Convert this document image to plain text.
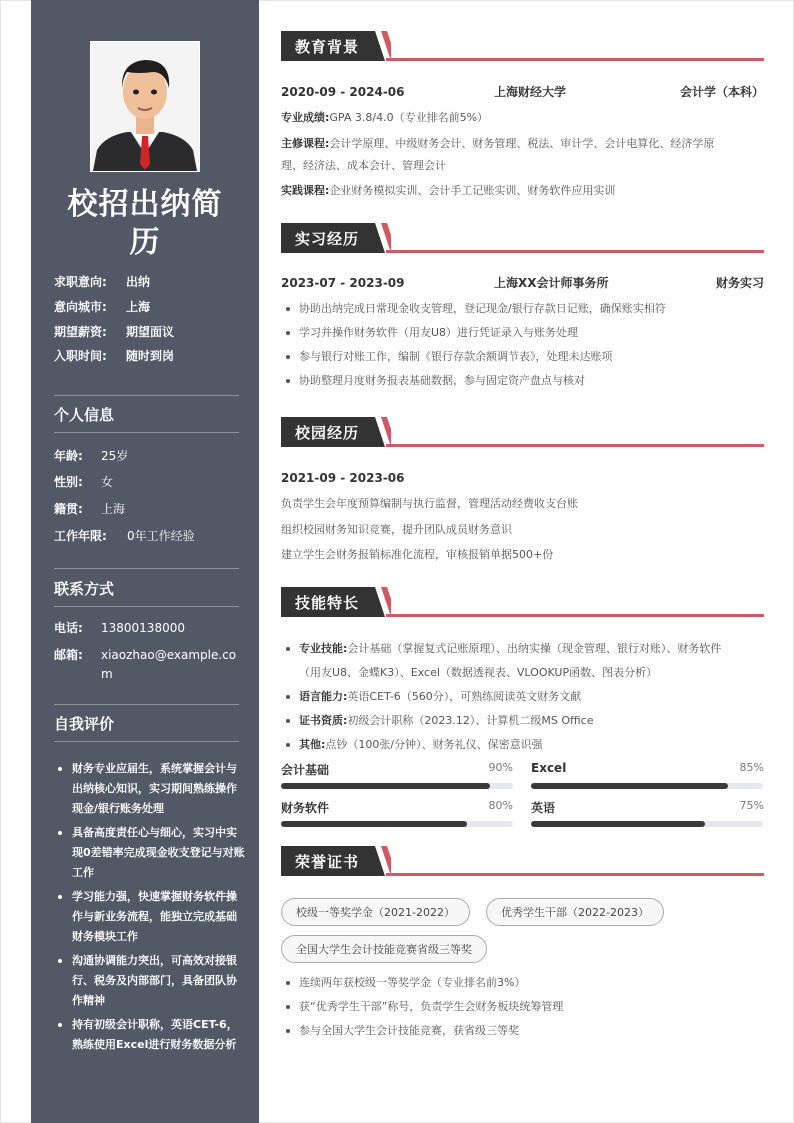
校招出纳简
历
求职意向: 出纳
意向城市: 上海
期望薪资: 期望面议
入职时间: 随时到岗
个人信息
年龄: 25岁
性别: 女
籍贯: 上海
工作年限: 0年工作经验
联系方式
电话: 13800138000
邮箱: xiaozhao@example.co
m
自我评价
财务专业应届生，系统掌握会计与出纳核心知识，实习期间熟练操作现金/银行账务处理
具备高度责任心与细心，实习中实现0差错率完成现金收支登记与对账工作
学习能力强，快速掌握财务软件操作与新业务流程，能独立完成基础财务模块工作
沟通协调能力突出，可高效对接银行、税务及内部部门，具备团队协作精神
持有初级会计职称，英语CET-6，熟练使用Excel进行财务数据分析
教育背景
2020-09 - 2024-06	上海财经大学	会计学（本科）
专业成绩:GPA 3.8/4.0（专业排名前5%）
主修课程:会计学原理、中级财务会计、财务管理、税法、审计学、会计电算化、经济学原
理、经济法、成本会计、管理会计
实践课程:企业财务模拟实训、会计手工记账实训、财务软件应用实训
实习经历
2023-07 - 2023-09	上海XX会计师事务所	财务实习
协助出纳完成日常现金收支管理，登记现金/银行存款日记账，确保账实相符
学习并操作财务软件（用友U8）进行凭证录入与账务处理
参与银行对账工作，编制《银行存款余额调节表》，处理未达账项
协助整理月度财务报表基础数据，参与固定资产盘点与核对
校园经历
2021-09 - 2023-06
负责学生会年度预算编制与执行监督，管理活动经费收支台账
组织校园财务知识竞赛，提升团队成员财务意识
建立学生会财务报销标准化流程，审核报销单据500+份
技能特长
专业技能:会计基础（掌握复式记账原理）、出纳实操（现金管理、银行对账）、财务软件
（用友U8、金蝶K3）、Excel（数据透视表、VLOOKUP函数、图表分析）
语言能力:英语CET-6（560分），可熟练阅读英文财务文献
证书资质:初级会计职称（2023.12）、计算机二级MS Office
其他:点钞（100张/分钟）、财务礼仪、保密意识强
会计基础	90% Excel	85%
财务软件	80% 英语	75%
荣誉证书
校级一等奖学金（2021-2022）	优秀学生干部（2022-2023）
全国大学生会计技能竞赛省级三等奖
连续两年获校级一等奖学金（专业排名前3%）
获“优秀学生干部”称号，负责学生会财务板块统筹管理
参与全国大学生会计技能竞赛，获省级三等奖
